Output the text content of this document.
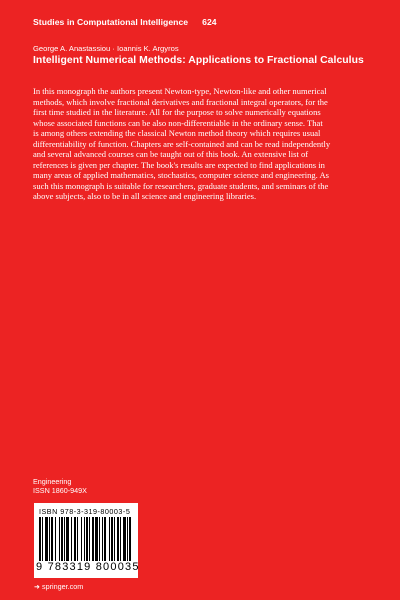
Studies in Computational Intelligence 624
George A. Anastassiou · Ioannis K. Argyros
Intelligent Numerical Methods: Applications to Fractional Calculus
In this monograph the authors present Newton-type, Newton-like and other numerical
methods, which involve fractional derivatives and fractional integral operators, for the
first time studied in the literature. All for the purpose to solve numerically equations
whose associated functions can be also non-differentiable in the ordinary sense. That
is among others extending the classical Newton method theory which requires usual
differentiability of function. Chapters are self-contained and can be read independently
and several advanced courses can be taught out of this book. An extensive list of
references is given per chapter. The book's results are expected to find applications in
many areas of applied mathematics, stochastics, computer science and engineering. As
such this monograph is suitable for researchers, graduate students, and seminars of the
above subjects, also to be in all science and engineering libraries.
Engineering
ISSN 1860-949X
ISBN 978-3-319-80003-5
9 783319 800035
➜ springer.com
